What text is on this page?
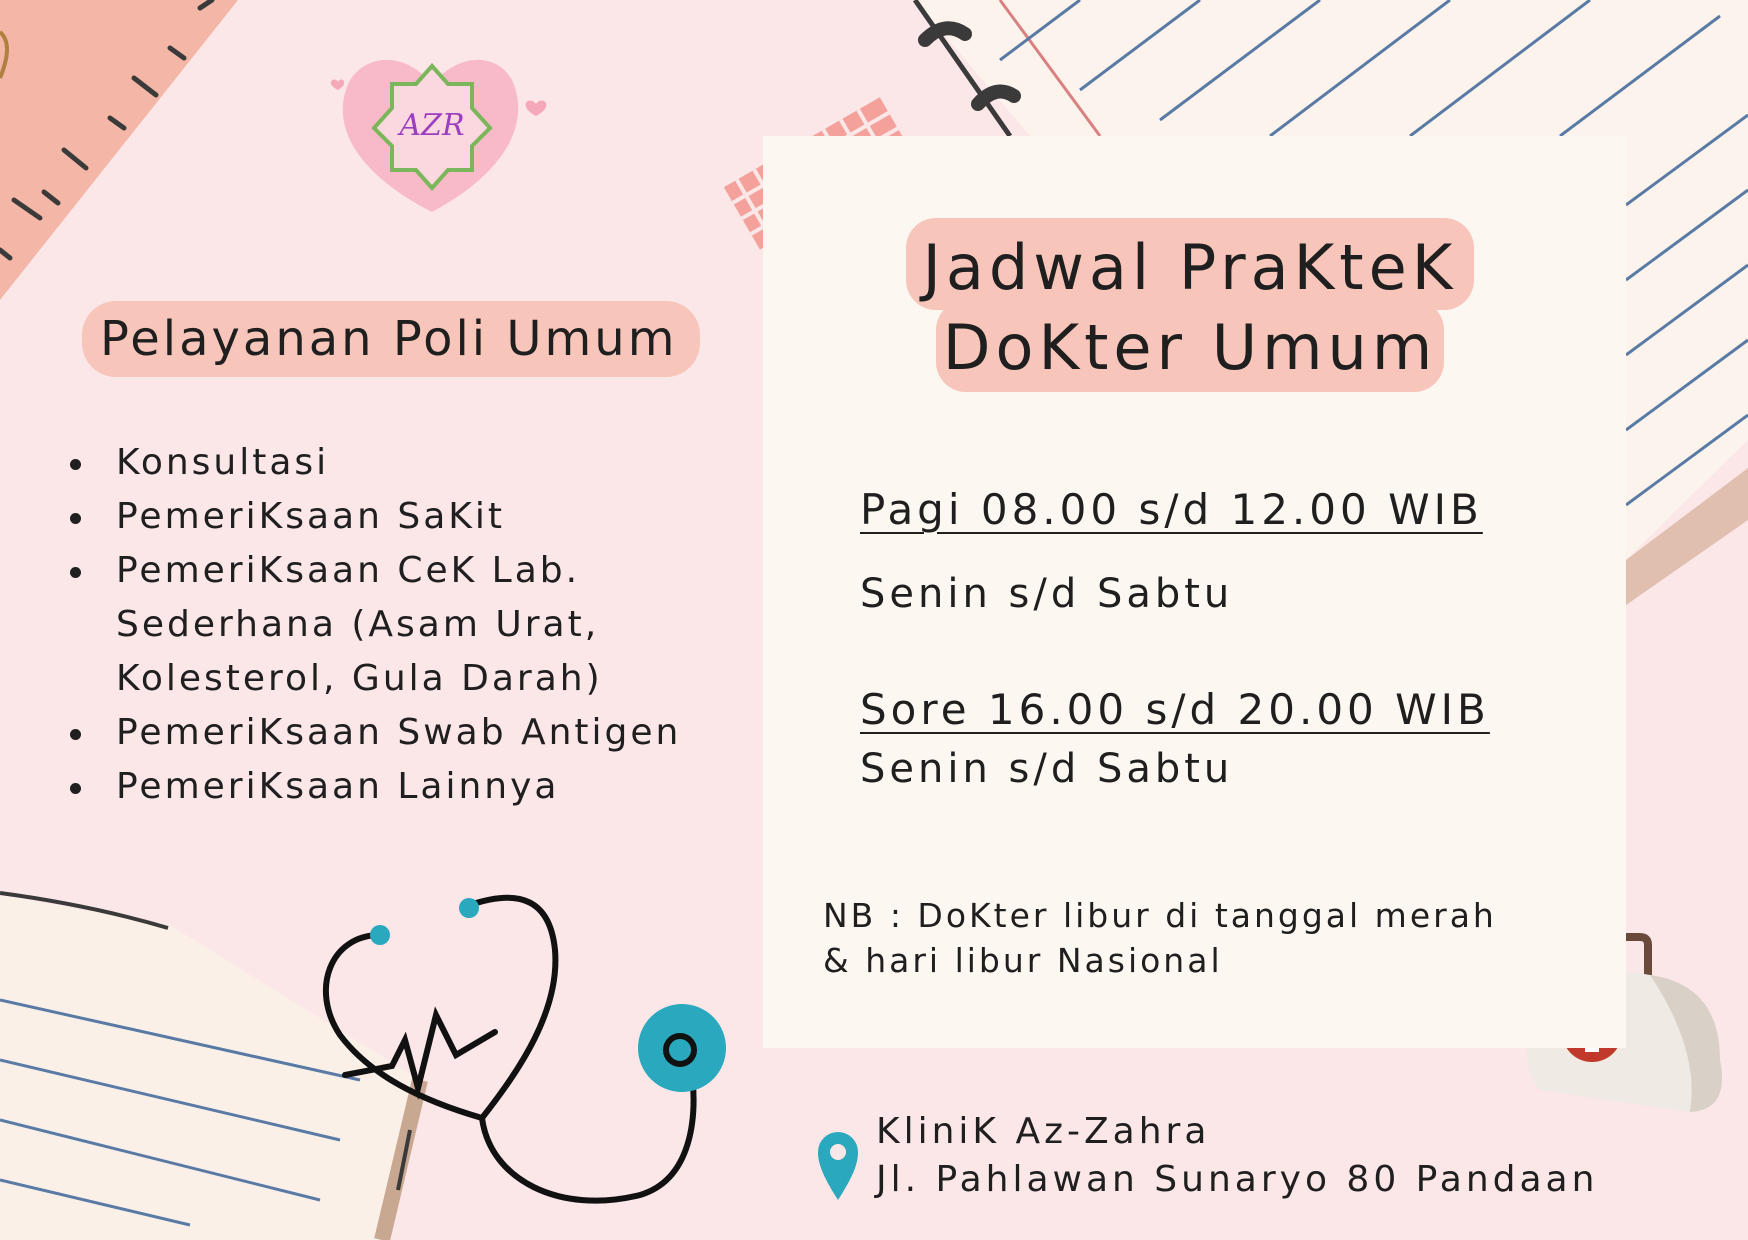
AZR
Pelayanan Poli Umum
Konsultasi
PemeriKsaan SaKit
PemeriKsaan CeK Lab. Sederhana (Asam Urat, Kolesterol, Gula Darah)
PemeriKsaan Swab Antigen
PemeriKsaan Lainnya
Jadwal PraKteK
DoKter Umum
Pagi 08.00 s/d 12.00 WIB
Senin s/d Sabtu
Sore 16.00 s/d 20.00 WIB
Senin s/d Sabtu
NB : DoKter libur di tanggal merah
& hari libur Nasional
KliniK Az-Zahra
Jl. Pahlawan Sunaryo 80 Pandaan
